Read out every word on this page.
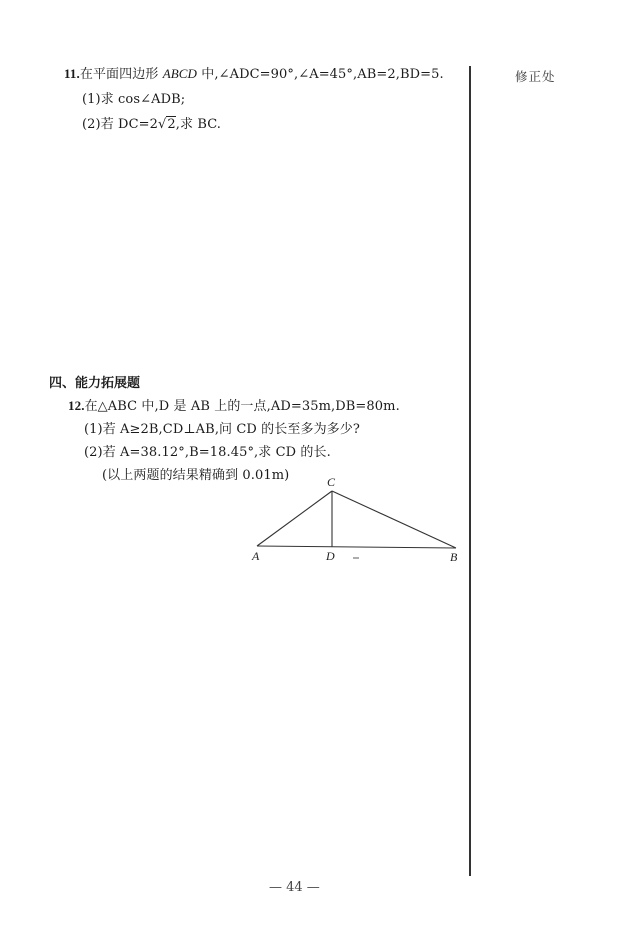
11.在平面四边形 ABCD 中,∠ADC=90°,∠A=45°,AB=2,BD=5.
(1)求 cos∠ADB;
(2)若 DC=2√2,求 BC.
修正处
四、能力拓展题
12.在△ABC 中,D 是 AB 上的一点,AD=35m,DB=80m.
(1)若 A≥2B,CD⊥AB,问 CD 的长至多为多少?
(2)若 A=38.12°,B=18.45°,求 CD 的长.
(以上两题的结果精确到 0.01m)	C
A	D	B
— 44 —
